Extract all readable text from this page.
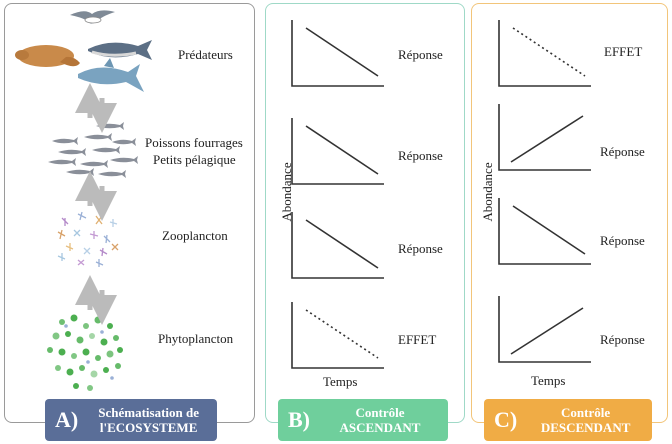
Prédateurs
Poissons fourrages
Petits pélagique
Zooplancton
Phytoplancton
Réponse
Réponse
Réponse
EFFET
Abondance
Temps
EFFET
Réponse
Réponse
Réponse
Abondance
Temps
A)	Schématisation de
l'ECOSYSTEME	B)	Contrôle
ASCENDANT	C)	Contrôle
DESCENDANT
